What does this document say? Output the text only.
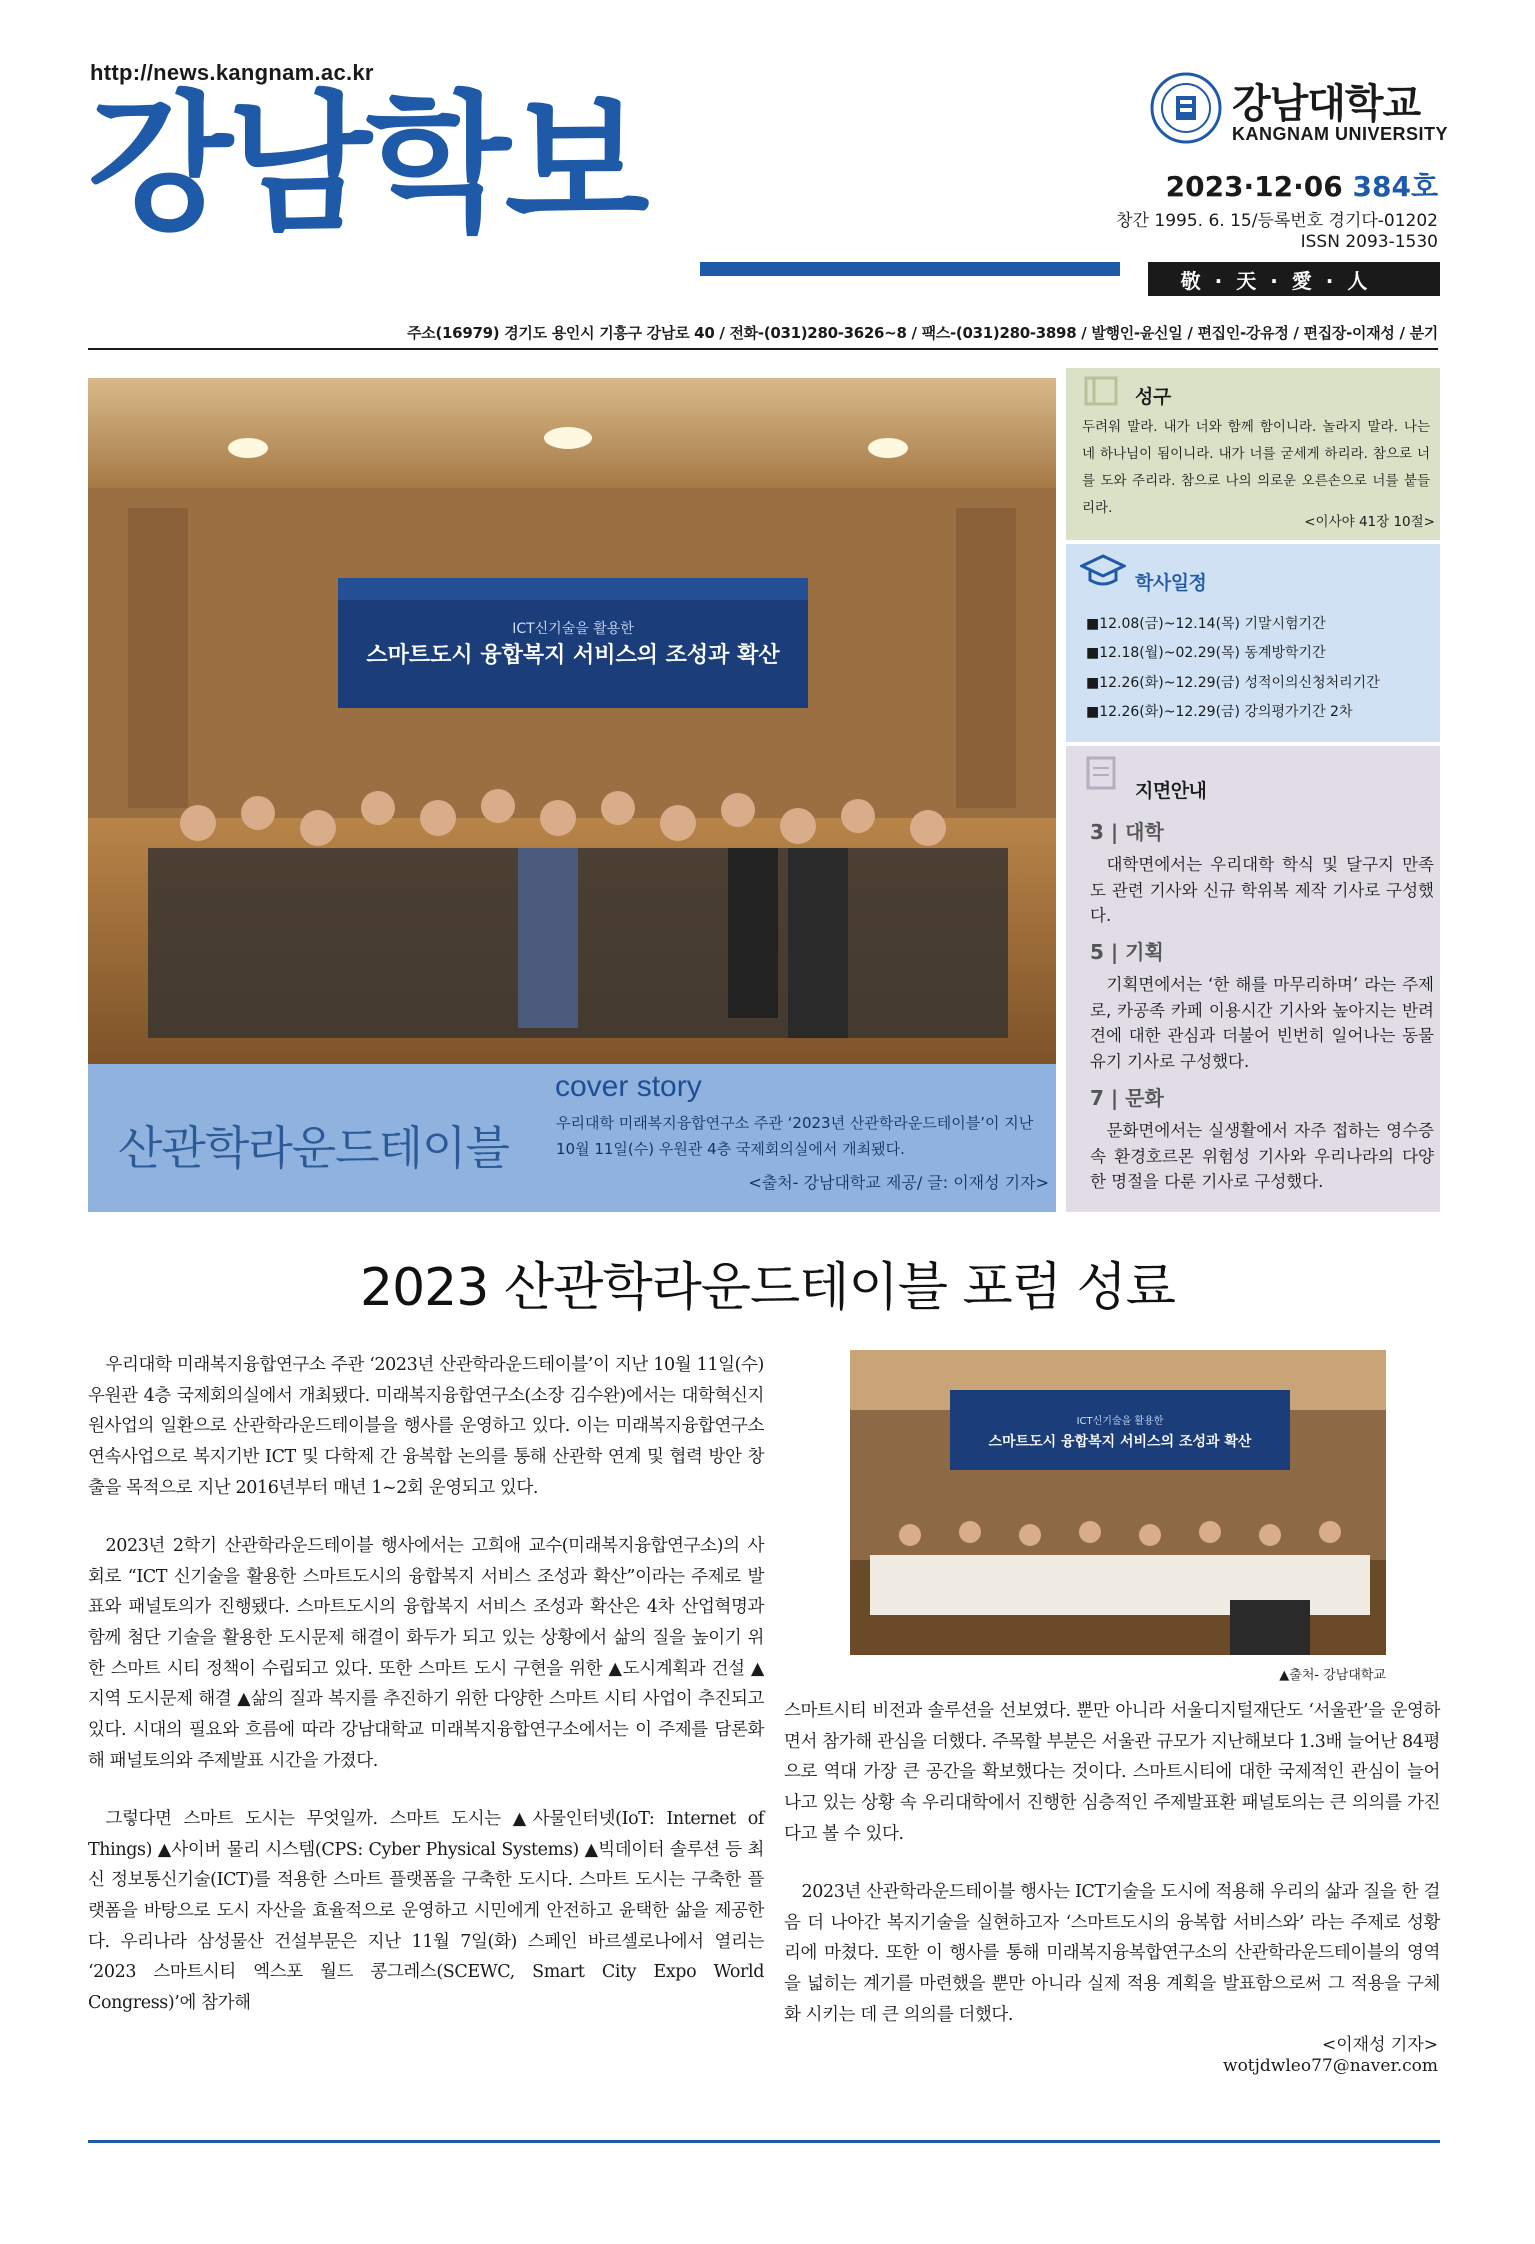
http://news.kangnam.ac.kr
강남학보	강남대학교
KANGNAM UNIVERSITY
2023·12·06 384호
창간 1995. 6. 15/등록번호 경기다-01202
ISSN 2093-1530
敬·天·愛·人
주소(16979) 경기도 용인시 기흥구 강남로 40 / 전화-(031)280-3626~8 / 팩스-(031)280-3898 / 발행인-윤신일 / 편집인-강유정 / 편집장-이재성 / 분기
ICT신기술을 활용한
스마트도시 융합복지 서비스의 조성과 확산
산관학라운드테이블
cover story
우리대학 미래복지융합연구소 주관 ‘2023년 산관학라운드테이블’이 지난 10월 11일(수) 우원관 4층 국제회의실에서 개최됐다.
<출처- 강남대학교 제공/ 글: 이재성 기자>
성구
두려워 말라. 내가 너와 함께 함이니라. 놀라지 말라. 나는 네 하나님이 됨이니라. 내가 너를 굳세게 하리라. 참으로 너를 도와 주리라. 참으로 나의 의로운 오른손으로 너를 붙들리라.
<이사야 41장 10절>
학사일정
■12.08(금)~12.14(목) 기말시험기간
■12.18(월)~02.29(목) 동계방학기간
■12.26(화)~12.29(금) 성적이의신청처리기간
■12.26(화)~12.29(금) 강의평가기간 2차
지면안내
3 | 대학
대학면에서는 우리대학 학식 및 달구지 만족도 관련 기사와 신규 학위복 제작 기사로 구성했다.
5 | 기획
기획면에서는 ‘한 해를 마무리하며’ 라는 주제로, 카공족 카페 이용시간 기사와 높아지는 반려견에 대한 관심과 더불어 빈번히 일어나는 동물유기 기사로 구성했다.
7 | 문화
문화면에서는 실생활에서 자주 접하는 영수증 속 환경호르몬 위험성 기사와 우리나라의 다양한 명절을 다룬 기사로 구성했다.
2023 산관학라운드테이블 포럼 성료

우리대학 미래복지융합연구소 주관 ‘2023년 산관학라운드테이블’이 지난 10월 11일(수) 우원관 4층 국제회의실에서 개최됐다. 미래복지융합연구소(소장 김수완)에서는 대학혁신지원사업의 일환으로 산관학라운드테이블을 행사를 운영하고 있다. 이는 미래복지융합연구소 연속사업으로 복지기반 ICT 및 다학제 간 융복합 논의를 통해 산관학 연계 및 협력 방안 창출을 목적으로 지난 2016년부터 매년 1~2회 운영되고 있다.

2023년 2학기 산관학라운드테이블 행사에서는 고희애 교수(미래복지융합연구소)의 사회로 “ICT 신기술을 활용한 스마트도시의 융합복지 서비스 조성과 확산”이라는 주제로 발표와 패널토의가 진행됐다. 스마트도시의 융합복지 서비스 조성과 확산은 4차 산업혁명과 함께 첨단 기술을 활용한 도시문제 해결이 화두가 되고 있는 상황에서 삶의 질을 높이기 위한 스마트 시티 정책이 수립되고 있다. 또한 스마트 도시 구현을 위한 ▲도시계획과 건설 ▲지역 도시문제 해결 ▲삶의 질과 복지를 추진하기 위한 다양한 스마트 시티 사업이 추진되고 있다. 시대의 필요와 흐름에 따라 강남대학교 미래복지융합연구소에서는 이 주제를 담론화해 패널토의와 주제발표 시간을 가졌다.

그렇다면 스마트 도시는 무엇일까. 스마트 도시는 ▲사물인터넷(IoT: Internet of Things) ▲사이버 물리 시스템(CPS: Cyber Physical Systems) ▲빅데이터 솔루션 등 최신 정보통신기술(ICT)를 적용한 스마트 플랫폼을 구축한 도시다. 스마트 도시는 구축한 플랫폼을 바탕으로 도시 자산을 효율적으로 운영하고 시민에게 안전하고 윤택한 삶을 제공한다. 우리나라 삼성물산 건설부문은 지난 11월 7일(화) 스페인 바르셀로나에서 열리는 ‘2023 스마트시티 엑스포 월드 콩그레스(SCEWC, Smart City Expo World Congress)’에 참가해

ICT신기술을 활용한
스마트도시 융합복지 서비스의 조성과 확산
▲출처- 강남대학교

스마트시티 비전과 솔루션을 선보였다. 뿐만 아니라 서울디지털재단도 ‘서울관’을 운영하면서 참가해 관심을 더했다. 주목할 부분은 서울관 규모가 지난해보다 1.3배 늘어난 84평으로 역대 가장 큰 공간을 확보했다는 것이다. 스마트시티에 대한 국제적인 관심이 늘어나고 있는 상황 속 우리대학에서 진행한 심층적인 주제발표환 패널토의는 큰 의의를 가진다고 볼 수 있다.

2023년 산관학라운드테이블 행사는 ICT기술을 도시에 적용해 우리의 삶과 질을 한 걸음 더 나아간 복지기술을 실현하고자 ‘스마트도시의 융복합 서비스와’ 라는 주제로 성황리에 마쳤다. 또한 이 행사를 통해 미래복지융복합연구소의 산관학라운드테이블의 영역을 넓히는 계기를 마련했을 뿐만 아니라 실제 적용 계획을 발표함으로써 그 적용을 구체화 시키는 데 큰 의의를 더했다.

<이재성 기자>
wotjdwleo77@naver.com
